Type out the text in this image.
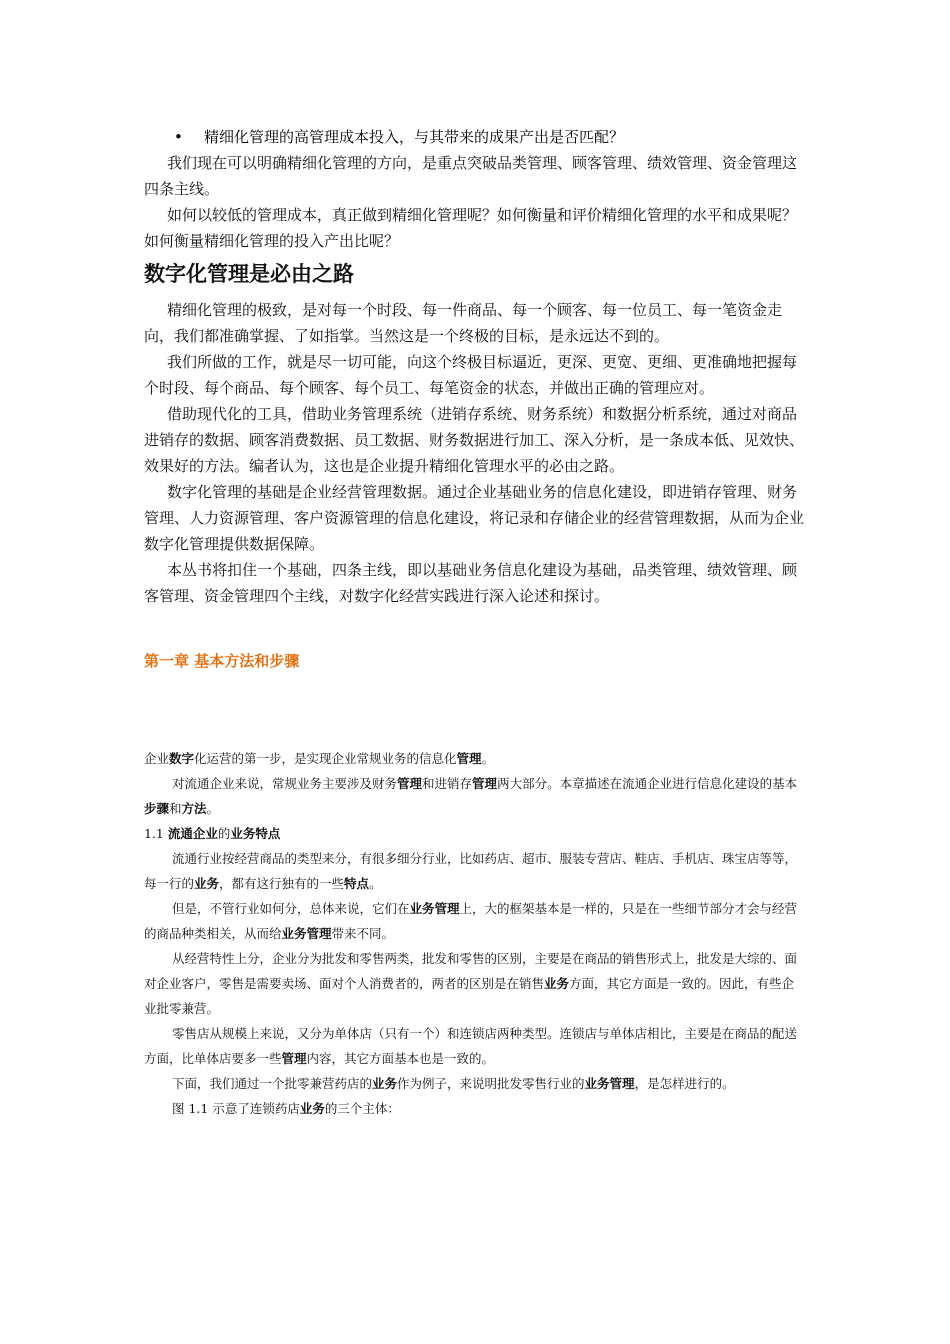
• 精细化管理的高管理成本投入，与其带来的成果产出是否匹配？

我们现在可以明确精细化管理的方向，是重点突破品类管理、顾客管理、绩效管理、资金管理这四条主线。

如何以较低的管理成本，真正做到精细化管理呢？如何衡量和评价精细化管理的水平和成果呢？如何衡量精细化管理的投入产出比呢？

数字化管理是必由之路

精细化管理的极致，是对每一个时段、每一件商品、每一个顾客、每一位员工、每一笔资金走向，我们都准确掌握、了如指掌。当然这是一个终极的目标，是永远达不到的。

我们所做的工作，就是尽一切可能，向这个终极目标逼近，更深、更宽、更细、更准确地把握每个时段、每个商品、每个顾客、每个员工、每笔资金的状态，并做出正确的管理应对。

借助现代化的工具，借助业务管理系统（进销存系统、财务系统）和数据分析系统，通过对商品进销存的数据、顾客消费数据、员工数据、财务数据进行加工、深入分析，是一条成本低、见效快、效果好的方法。编者认为，这也是企业提升精细化管理水平的必由之路。

数字化管理的基础是企业经营管理数据。通过企业基础业务的信息化建设，即进销存管理、财务管理、人力资源管理、客户资源管理的信息化建设，将记录和存储企业的经营管理数据，从而为企业数字化管理提供数据保障。

本丛书将扣住一个基础，四条主线，即以基础业务信息化建设为基础，品类管理、绩效管理、顾客管理、资金管理四个主线，对数字化经营实践进行深入论述和探讨。

第一章 基本方法和步骤

企业数字化运营的第一步，是实现企业常规业务的信息化管理。

对流通企业来说，常规业务主要涉及财务管理和进销存管理两大部分。本章描述在流通企业进行信息化建设的基本步骤和方法。

1.1 流通企业的业务特点

流通行业按经营商品的类型来分，有很多细分行业，比如药店、超市、服装专营店、鞋店、手机店、珠宝店等等，每一行的业务，都有这行独有的一些特点。

但是，不管行业如何分，总体来说，它们在业务管理上，大的框架基本是一样的，只是在一些细节部分才会与经营的商品种类相关，从而给业务管理带来不同。

从经营特性上分，企业分为批发和零售两类，批发和零售的区别，主要是在商品的销售形式上，批发是大综的、面对企业客户，零售是需要卖场、面对个人消费者的，两者的区别是在销售业务方面，其它方面是一致的。因此，有些企业批零兼营。

零售店从规模上来说，又分为单体店（只有一个）和连锁店两种类型。连锁店与单体店相比，主要是在商品的配送方面，比单体店要多一些管理内容，其它方面基本也是一致的。

下面，我们通过一个批零兼营药店的业务作为例子，来说明批发零售行业的业务管理，是怎样进行的。

图 1.1 示意了连锁药店业务的三个主体：
